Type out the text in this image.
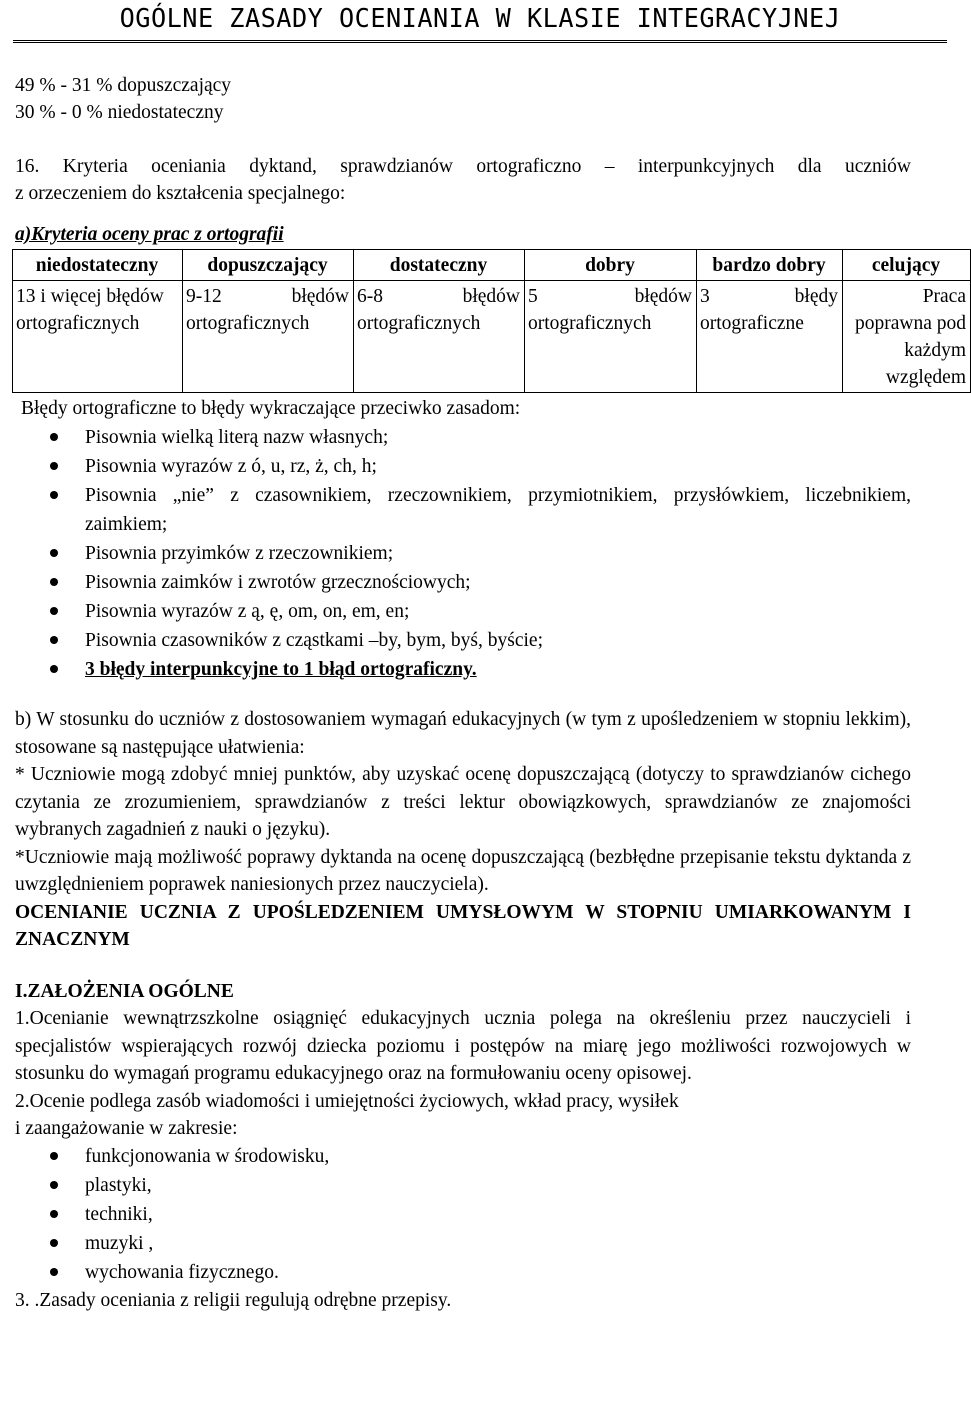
OGÓLNE ZASADY OCENIANIA W KLASIE INTEGRACYJNEJ
49 % - 31 % dopuszczający
30 % - 0 % niedostateczny
16. Kryteria oceniania dyktand, sprawdzianów ortograficzno – interpunkcyjnych dla uczniów
z orzeczeniem do kształcenia specjalnego:
a)Kryteria oceny prac z ortografii
niedostateczny	dopuszczający	dostateczny	dobry	bardzo dobry	celujący
13 i więcej błędów ortograficznych	9-12 błędów ortograficznych	6-8 błędów ortograficznych	5 błędów ortograficznych	3 błędy ortograficzne	Praca poprawna pod każdym względem
Błędy ortograficzne to błędy wykraczające przeciwko zasadom:
Pisownia wielką literą nazw własnych;
Pisownia wyrazów z ó, u, rz, ż, ch, h;
Pisownia „nie” z czasownikiem, rzeczownikiem, przymiotnikiem, przysłówkiem, liczebnikiem, zaimkiem;
Pisownia przyimków z rzeczownikiem;
Pisownia zaimków i zwrotów grzecznościowych;
Pisownia wyrazów z ą, ę, om, on, em, en;
Pisownia czasowników z cząstkami –by, bym, byś, byście;
3 błędy interpunkcyjne to 1 błąd ortograficzny.
b) W stosunku do uczniów z dostosowaniem wymagań edukacyjnych (w tym z upośledzeniem w stopniu lekkim), stosowane są następujące ułatwienia:
* Uczniowie mogą zdobyć mniej punktów, aby uzyskać ocenę dopuszczającą (dotyczy to sprawdzianów cichego czytania ze zrozumieniem, sprawdzianów z treści lektur obowiązkowych, sprawdzianów ze znajomości wybranych zagadnień z nauki o języku).
*Uczniowie mają możliwość poprawy dyktanda na ocenę dopuszczającą (bezbłędne przepisanie tekstu dyktanda z uwzględnieniem poprawek naniesionych przez nauczyciela).
OCENIANIE UCZNIA Z UPOŚLEDZENIEM UMYSŁOWYM W STOPNIU UMIARKOWANYM I ZNACZNYM
I.ZAŁOŻENIA OGÓLNE
1.Ocenianie wewnątrzszkolne osiągnięć edukacyjnych ucznia polega na określeniu przez nauczycieli i specjalistów wspierających rozwój dziecka poziomu i postępów na miarę jego możliwości rozwojowych w stosunku do wymagań programu edukacyjnego oraz na formułowaniu oceny opisowej.
2.Ocenie podlega zasób wiadomości i umiejętności życiowych, wkład pracy, wysiłek
i zaangażowanie w zakresie:
funkcjonowania w środowisku,
plastyki,
techniki,
muzyki ,
wychowania fizycznego.
3. .Zasady oceniania z religii regulują odrębne przepisy.
